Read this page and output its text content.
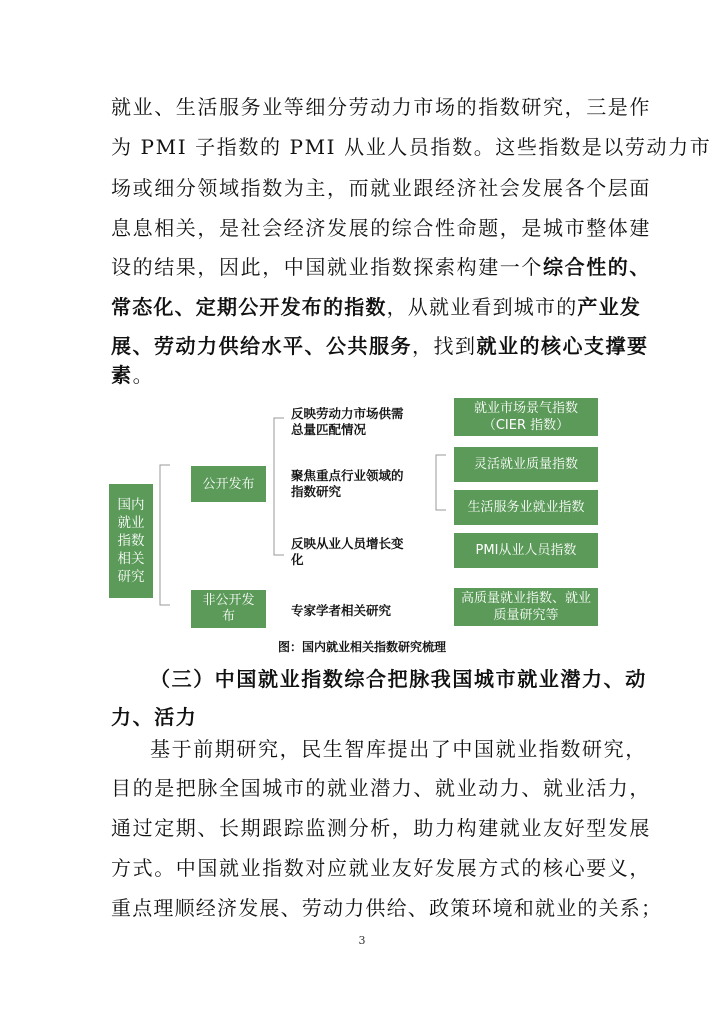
就业、生活服务业等细分劳动力市场的指数研究，三是作
为 PMI 子指数的 PMI 从业人员指数。这些指数是以劳动力市
场或细分领域指数为主，而就业跟经济社会发展各个层面
息息相关，是社会经济发展的综合性命题，是城市整体建
设的结果，因此，中国就业指数探索构建一个综合性的、
常态化、定期公开发布的指数，从就业看到城市的产业发
展、劳动力供给水平、公共服务，找到就业的核心支撑要
素。
国内
就业
指数
相关
研究
公开发布
非公开发
布
反映劳动力市场供需
总量匹配情况
聚焦重点行业领域的
指数研究
反映从业人员增长变
化
专家学者相关研究
就业市场景气指数
（CIER 指数）
灵活就业质量指数
生活服务业就业指数
PMI从业人员指数
高质量就业指数、就业
质量研究等
图：国内就业相关指数研究梳理
（三）中国就业指数综合把脉我国城市就业潜力、动
力、活力
基于前期研究，民生智库提出了中国就业指数研究，
目的是把脉全国城市的就业潜力、就业动力、就业活力，
通过定期、长期跟踪监测分析，助力构建就业友好型发展
方式。中国就业指数对应就业友好发展方式的核心要义，
重点理顺经济发展、劳动力供给、政策环境和就业的关系；
3
